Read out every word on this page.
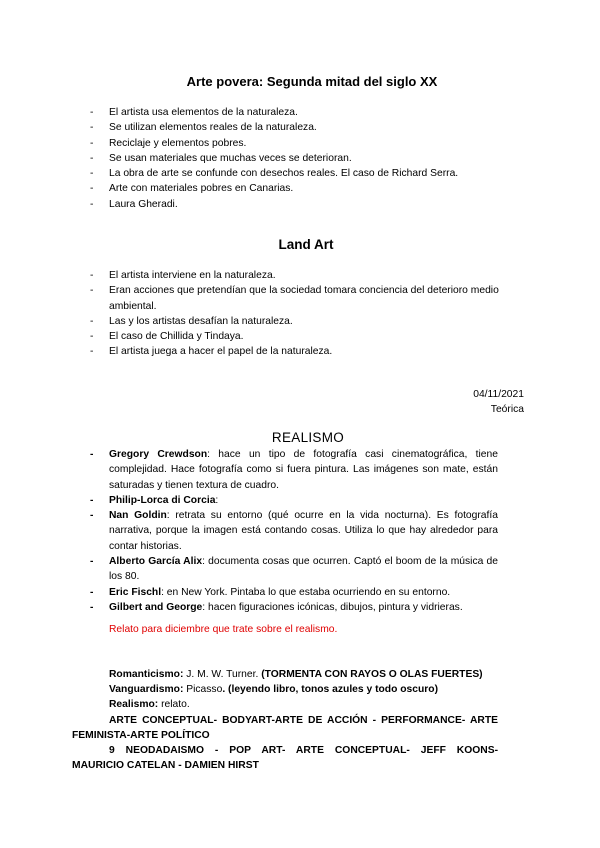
Arte povera: Segunda mitad del siglo XX
- El artista usa elementos de la naturaleza.
- Se utilizan elementos reales de la naturaleza.
- Reciclaje y elementos pobres.
- Se usan materiales que muchas veces se deterioran.
- La obra de arte se confunde con desechos reales. El caso de Richard Serra.
- Arte con materiales pobres en Canarias.
- Laura Gheradi.
Land Art
- El artista interviene en la naturaleza.
- Eran acciones que pretendían que la sociedad tomara conciencia del deterioro medio ambiental.
- Las y los artistas desafían la naturaleza.
- El caso de Chillida y Tindaya.
- El artista juega a hacer el papel de la naturaleza.
04/11/2021
Teórica
REALISMO
- Gregory Crewdson: hace un tipo de fotografía casi cinematográfica, tiene complejidad. Hace fotografía como si fuera pintura. Las imágenes son mate, están saturadas y tienen textura de cuadro.
- Philip-Lorca di Corcia:
- Nan Goldin: retrata su entorno (qué ocurre en la vida nocturna). Es fotografía narrativa, porque la imagen está contando cosas. Utiliza lo que hay alrededor para contar historias.
- Alberto García Alix: documenta cosas que ocurren. Captó el boom de la música de los 80.
- Eric Fischl: en New York. Pintaba lo que estaba ocurriendo en su entorno.
- Gilbert and George: hacen figuraciones icónicas, dibujos, pintura y vidrieras.
Relato para diciembre que trate sobre el realismo.
Romanticismo: J. M. W. Turner. (TORMENTA CON RAYOS O OLAS FUERTES)
Vanguardismo: Picasso. (leyendo libro, tonos azules y todo oscuro)
Realismo: relato.
ARTE CONCEPTUAL- BODYART-ARTE DE ACCIÓN - PERFORMANCE- ARTE
FEMINISTA-ARTE POLÍTICO
9 NEODADAISMO - POP ART- ARTE CONCEPTUAL- JEFF KOONS-
MAURICIO CATELAN - DAMIEN HIRST
